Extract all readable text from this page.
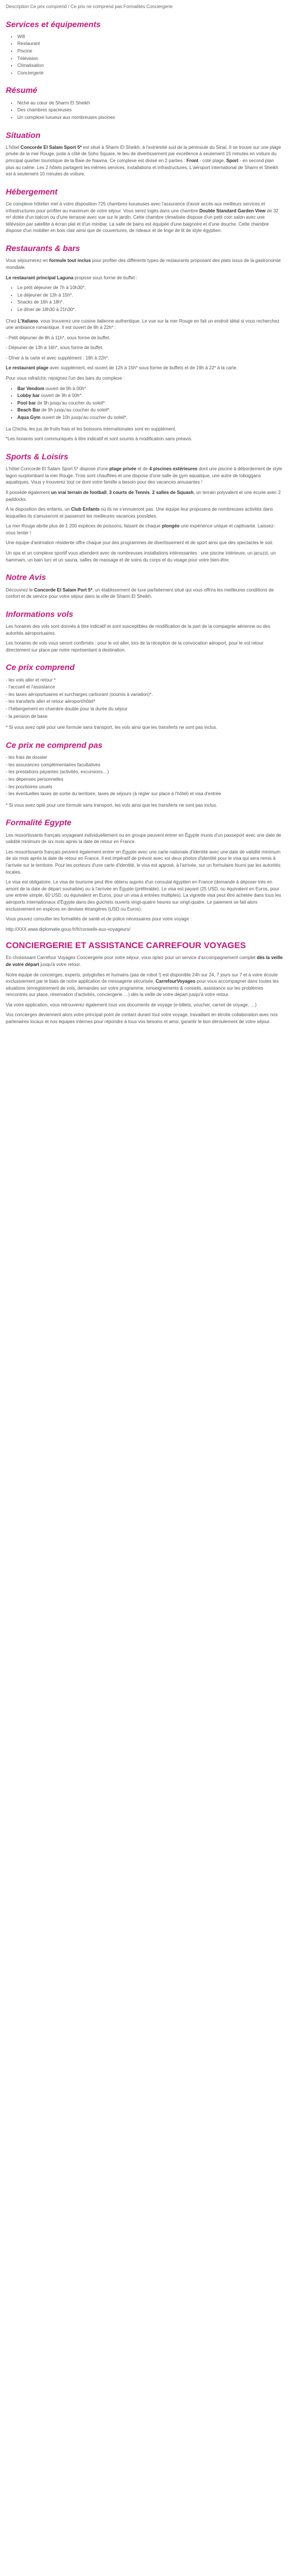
Description Ce prix comprend / Ce prix ne comprend pas Formalités Conciergerie
Services et équipements
• Wifi
• Restaurant
• Piscine
• Télévision
• Climatisation
• Conciergerie
Résumé
• Niché au cœur de Sharm El Sheikh
• Des chambres spacieuses
• Un complexe luxueux aux nombreuses piscines
Situation

L'hôtel Concorde El Salam Sport 5* est situé à Sharm El Sheikh, à l'extrémité sud de la péninsule du Sinaï. Il se trouve sur une plage privée de la mer Rouge, juste à côté de Soho Square, le lieu de divertissement par excellence à seulement 15 minutes en voiture du principal quartier touristique de la Baie de Naama. Ce complexe est divisé en 2 parties : Front - coté plage, Sport - en second plan plus au calme. Les 2 hôtels partagent les mêmes services, installations et infrastructures. L'aéroport international de Sharm el Sheikh est à seulement 10 minutes de voiture.

Hébergement

Ce complexe hôtelier met à votre disposition 725 chambres luxueuses avec l'assurance d'avoir accès aux meilleurs services et infrastructures pour profiter au maximum de votre séjour. Vous serez logés dans une chambre Double Standard Garden View de 32 m² dotée d'un balcon ou d'une terrasse avec vue sur le jardin. Cette chambre climatisée dispose d'un petit coin salon avec une télévision par satellite à écran plat et d'un minibar. La salle de bains est équipée d'une baignoire et d'une douche. Cette chambre dispose d'un mobilier en bois clair ainsi que de couvertures, de rideaux et de linge de lit de style égyptien.

Restaurants & bars

Vous séjournerez en formule tout inclus pour profiter des différents types de restaurants proposant des plats issus de la gastronomie mondiale.

Le restaurant principal Laguna propose sous forme de buffet :

• Le petit déjeuner de 7h à 10h30*.
• Le déjeuner de 13h à 15h*.
• Snacks de 16h à 18h*.
• Le dîner de 18h30 à 21h30*.

Chez L'Italiano, vous trouverez une cuisine italienne authentique. Le vue sur la mer Rouge en fait un endroit idéal si vous recherchez une ambiance romantique. Il est ouvert de 8h à 22h* :

- Petit déjeuner de 8h à 11h*, sous forme de buffet.

- Déjeuner de 13h à 16h*, sous forme de buffet.

- Dîner à la carte et avec supplément : 19h à 22h*.

Le restaurant plage avec supplément, est ouvert de 12h à 15h* sous forme de buffets et de 19h à 22* à la carte.

Pour vous rafraîchir, rejoignez l'un des bars du complexe :

• Bar Vendom ouvert de 9h à 00h*.
• Lobby bar ouvert de 9h à 00h*.
• Pool bar de 9h jusqu'au coucher du soleil*.
• Beach Bar de 9h jusqu'au coucher du soleil*.
• Aqua Gym ouvert de 10h jusqu'au coucher du soleil*.

La Chicha, les jus de fruits frais et les boissons internationales sont en supplément.

*Les horaires sont communiqués à titre indicatif et sont soumis à modification sans préavis.

Sports & Loisirs

L'hôtel Concorde El Salam Sport 5* dispose d'une plage privée et de 4 piscines extérieures dont une piscine à débordement de style lagon surplombant la mer Rouge. Trois sont chauffées et une dispose d'une salle de gym aquatique, une autre de toboggans aquatiques. Vous y trouverez tout ce dont votre famille a besoin pour des vacances amusantes !

Il possède également un vrai terrain de football, 3 courts de Tennis, 2 salles de Squash, un terrain polyvalent et une écurie avec 2 paddocks.

À la disposition des enfants, un Club Enfants où ils ne s'ennuieront pas. Une équipe leur proposera de nombreuses activités dans lesquelles ils s'amuseront et passeront les meilleures vacances possibles.

La mer Rouge abrite plus de 1 200 espèces de poissons, faisant de chaque plongée une expérience unique et captivante. Laissez-vous tenter !

Une équipe d'animation résidente offre chaque jour des programmes de divertissement et de sport ainsi que des spectacles le soir.

Un spa et un complexe sportif vous attendent avec de nombreuses installations intéressantes : une piscine intérieure, un jacuzzi, un hammam, un bain turc et un sauna, salles de massage et de soins du corps et du visage pour votre bien-être.

Notre Avis

Découvrez le Concorde El Salam Port 5*, un établissement de luxe parfaitement situé qui vous offrira les meilleures conditions de confort et de service pour votre séjour dans la ville de Sharm El Sheikh.

Informations vols

Les horaires des vols sont donnés à titre indicatif et sont susceptibles de modification de la part de la compagnie aérienne ou des autorités aéroportuaires.

Les horaires de vols vous seront confirmés : pour le vol aller, lors de la réception de la convocation aéroport, pour le vol retour directement sur place par notre représentant à destination.

Ce prix comprend
- les vols aller et retour *
- l'accueil et l'assistance
- les taxes aéroportuaires et surcharges carburant (soumis à variation)*.
- les transferts aller et retour aéroport/hôtel*
- l'hébergement en chambre double pour la durée du séjour
- la pension de base

* Si vous avez opté pour une formule sans transport, les vols ainsi que les transferts ne sont pas inclus.

Ce prix ne comprend pas
- les frais de dossier
- les assurances complémentaires facultatives
- les prestations payantes (activités, excursions…)
- les dépenses personnelles
- les pourboires usuels
- les éventuelles taxes de sortie du territoire, taxes de séjours (à régler sur place à l'hôtel) et visa d'entrée

* Si vous avez opté pour une formule sans transport, les vols ainsi que les transferts ne sont pas inclus.

Formalité Egypte

Les ressortissants français voyageant individuellement ou en groupe peuvent entrer en Égypte munis d'un passeport avec une date de validité minimum de six mois après la date de retour en France.

Les ressortissants français peuvent également entrer en Égypte avec une carte nationale d'identité avec une date de validité minimum de six mois après la date de retour en France. Il est impératif de prévoir avec soi deux photos d'identité pour le visa qui sera remis à l'arrivée sur le territoire. Pour les porteurs d'une carte d'identité, le visa est apposé, à l'arrivée, sur un formulaire fourni par les autorités locales.

Le visa est obligatoire. Le visa de tourisme peut être obtenu auprès d'un consulat égyptien en France (demande à déposer très en amont de la date de départ souhaitée) ou à l'arrivée en Égypte (préférable). Le visa est payant (25 USD, ou équivalent en Euros, pour une entrée simple, 60 USD, ou équivalent en Euros, pour un visa à entrées multiples). La vignette visa peut être achetée dans tous les aéroports internationaux d'Égypte dans des guichets ouverts vingt-quatre heures sur vingt-quatre. Le paiement se fait alors exclusivement en espèces en devises étrangères (USD ou Euros).

Vous pouvez consulter les formalités de santé et de police nécessaires pour votre voyage :

http://XXX.www.diplomatie.gouv.fr/fr/conseils-aux-voyageurs/

CONCIERGERIE ET ASSISTANCE CARREFOUR VOYAGES

En choisissant Carrefour Voyages Conciergerie pour votre séjour, vous optez pour un service d'accompagnement complet dès la veille de votre départ jusqu'à votre retour.

Notre équipe de concierges, experts, polyglottes et humains (pas de robot !) est disponible 24h sur 24, 7 jours sur 7 et à votre écoute exclusivement par le biais de notre application de messagerie sécurisée, CarrefourVoyages pour vous accompagner dans toutes les situations (enregistrement de vols, demandes sur votre programme, renseignements & conseils, assistance sur les problèmes rencontrés sur place, réservation d'activités, conciergerie …) dès la veille de votre départ jusqu'à votre retour.

Via votre application, vous retrouverez également tous vos documents de voyage (e-billets, voucher, carnet de voyage, …)

Vos concierges deviennent alors votre principal point de contact durant tout votre voyage, travaillant en étroite collaboration avec nos partenaires locaux et nos équipes internes pour répondre à tous vos besoins et ainsi, garantir le bon déroulement de votre séjour.
